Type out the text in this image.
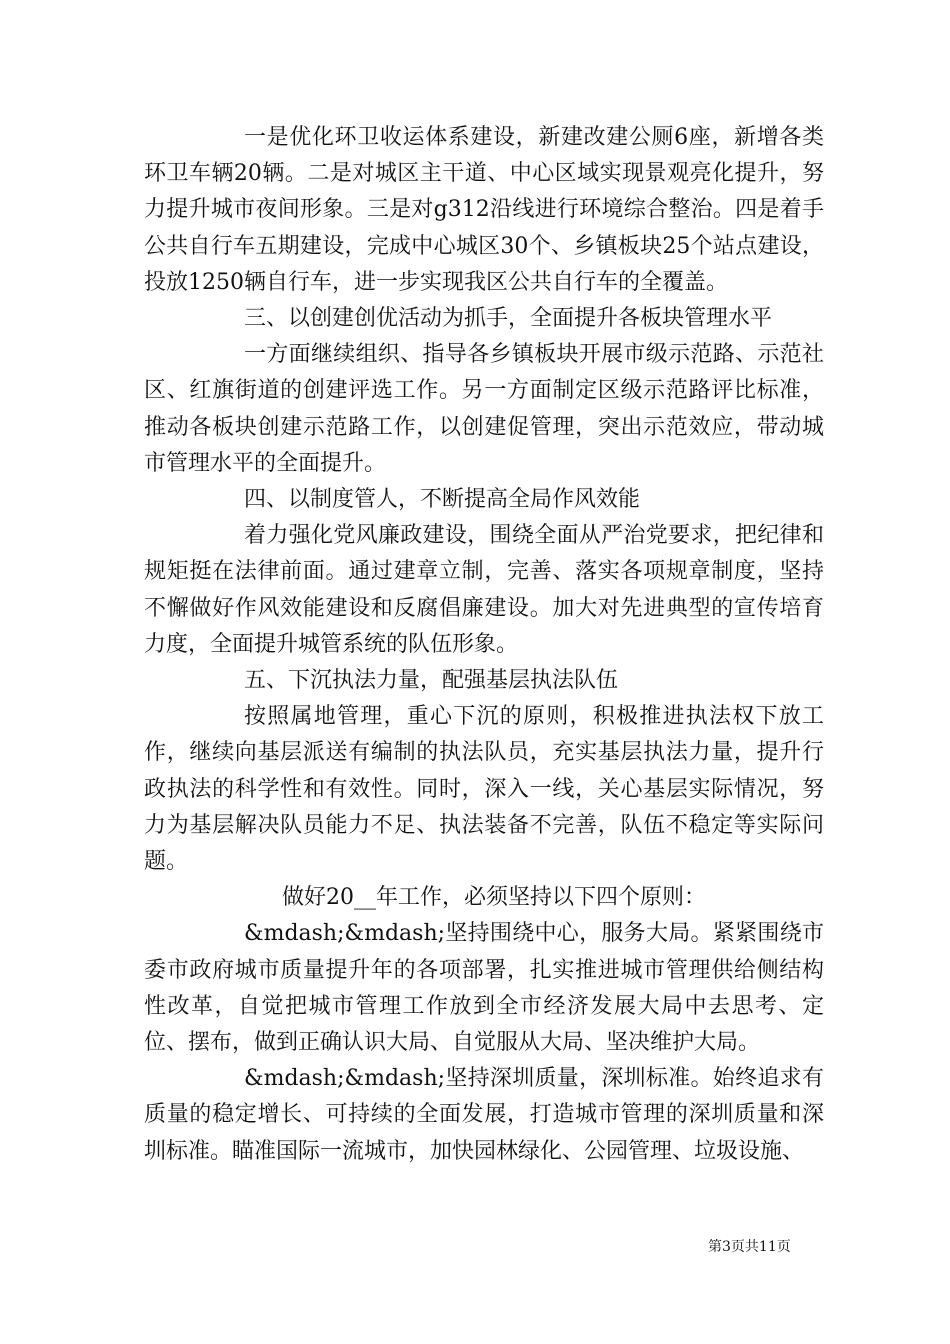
一是优化环卫收运体系建设，新建改建公厕6座，新增各类环卫车辆20辆。二是对城区主干道、中心区域实现景观亮化提升，努力提升城市夜间形象。三是对g312沿线进行环境综合整治。四是着手公共自行车五期建设，完成中心城区30个、乡镇板块25个站点建设，投放1250辆自行车，进一步实现我区公共自行车的全覆盖。

三、以创建创优活动为抓手，全面提升各板块管理水平

一方面继续组织、指导各乡镇板块开展市级示范路、示范社区、红旗街道的创建评选工作。另一方面制定区级示范路评比标准，推动各板块创建示范路工作，以创建促管理，突出示范效应，带动城市管理水平的全面提升。

四、以制度管人，不断提高全局作风效能

着力强化党风廉政建设，围绕全面从严治党要求，把纪律和规矩挺在法律前面。通过建章立制，完善、落实各项规章制度，坚持不懈做好作风效能建设和反腐倡廉建设。加大对先进典型的宣传培育力度，全面提升城管系统的队伍形象。

五、下沉执法力量，配强基层执法队伍

按照属地管理，重心下沉的原则，积极推进执法权下放工作，继续向基层派送有编制的执法队员，充实基层执法力量，提升行政执法的科学性和有效性。同时，深入一线，关心基层实际情况，努力为基层解决队员能力不足、执法装备不完善，队伍不稳定等实际问题。

做好20__年工作，必须坚持以下四个原则：

&mdash;&mdash;坚持围绕中心，服务大局。紧紧围绕市委市政府城市质量提升年的各项部署，扎实推进城市管理供给侧结构性改革，自觉把城市管理工作放到全市经济发展大局中去思考、定位、摆布，做到正确认识大局、自觉服从大局、坚决维护大局。

&mdash;&mdash;坚持深圳质量，深圳标准。始终追求有质量的稳定增长、可持续的全面发展，打造城市管理的深圳质量和深圳标准。瞄准国际一流城市，加快园林绿化、公园管理、垃圾设施、

第3页共11页
